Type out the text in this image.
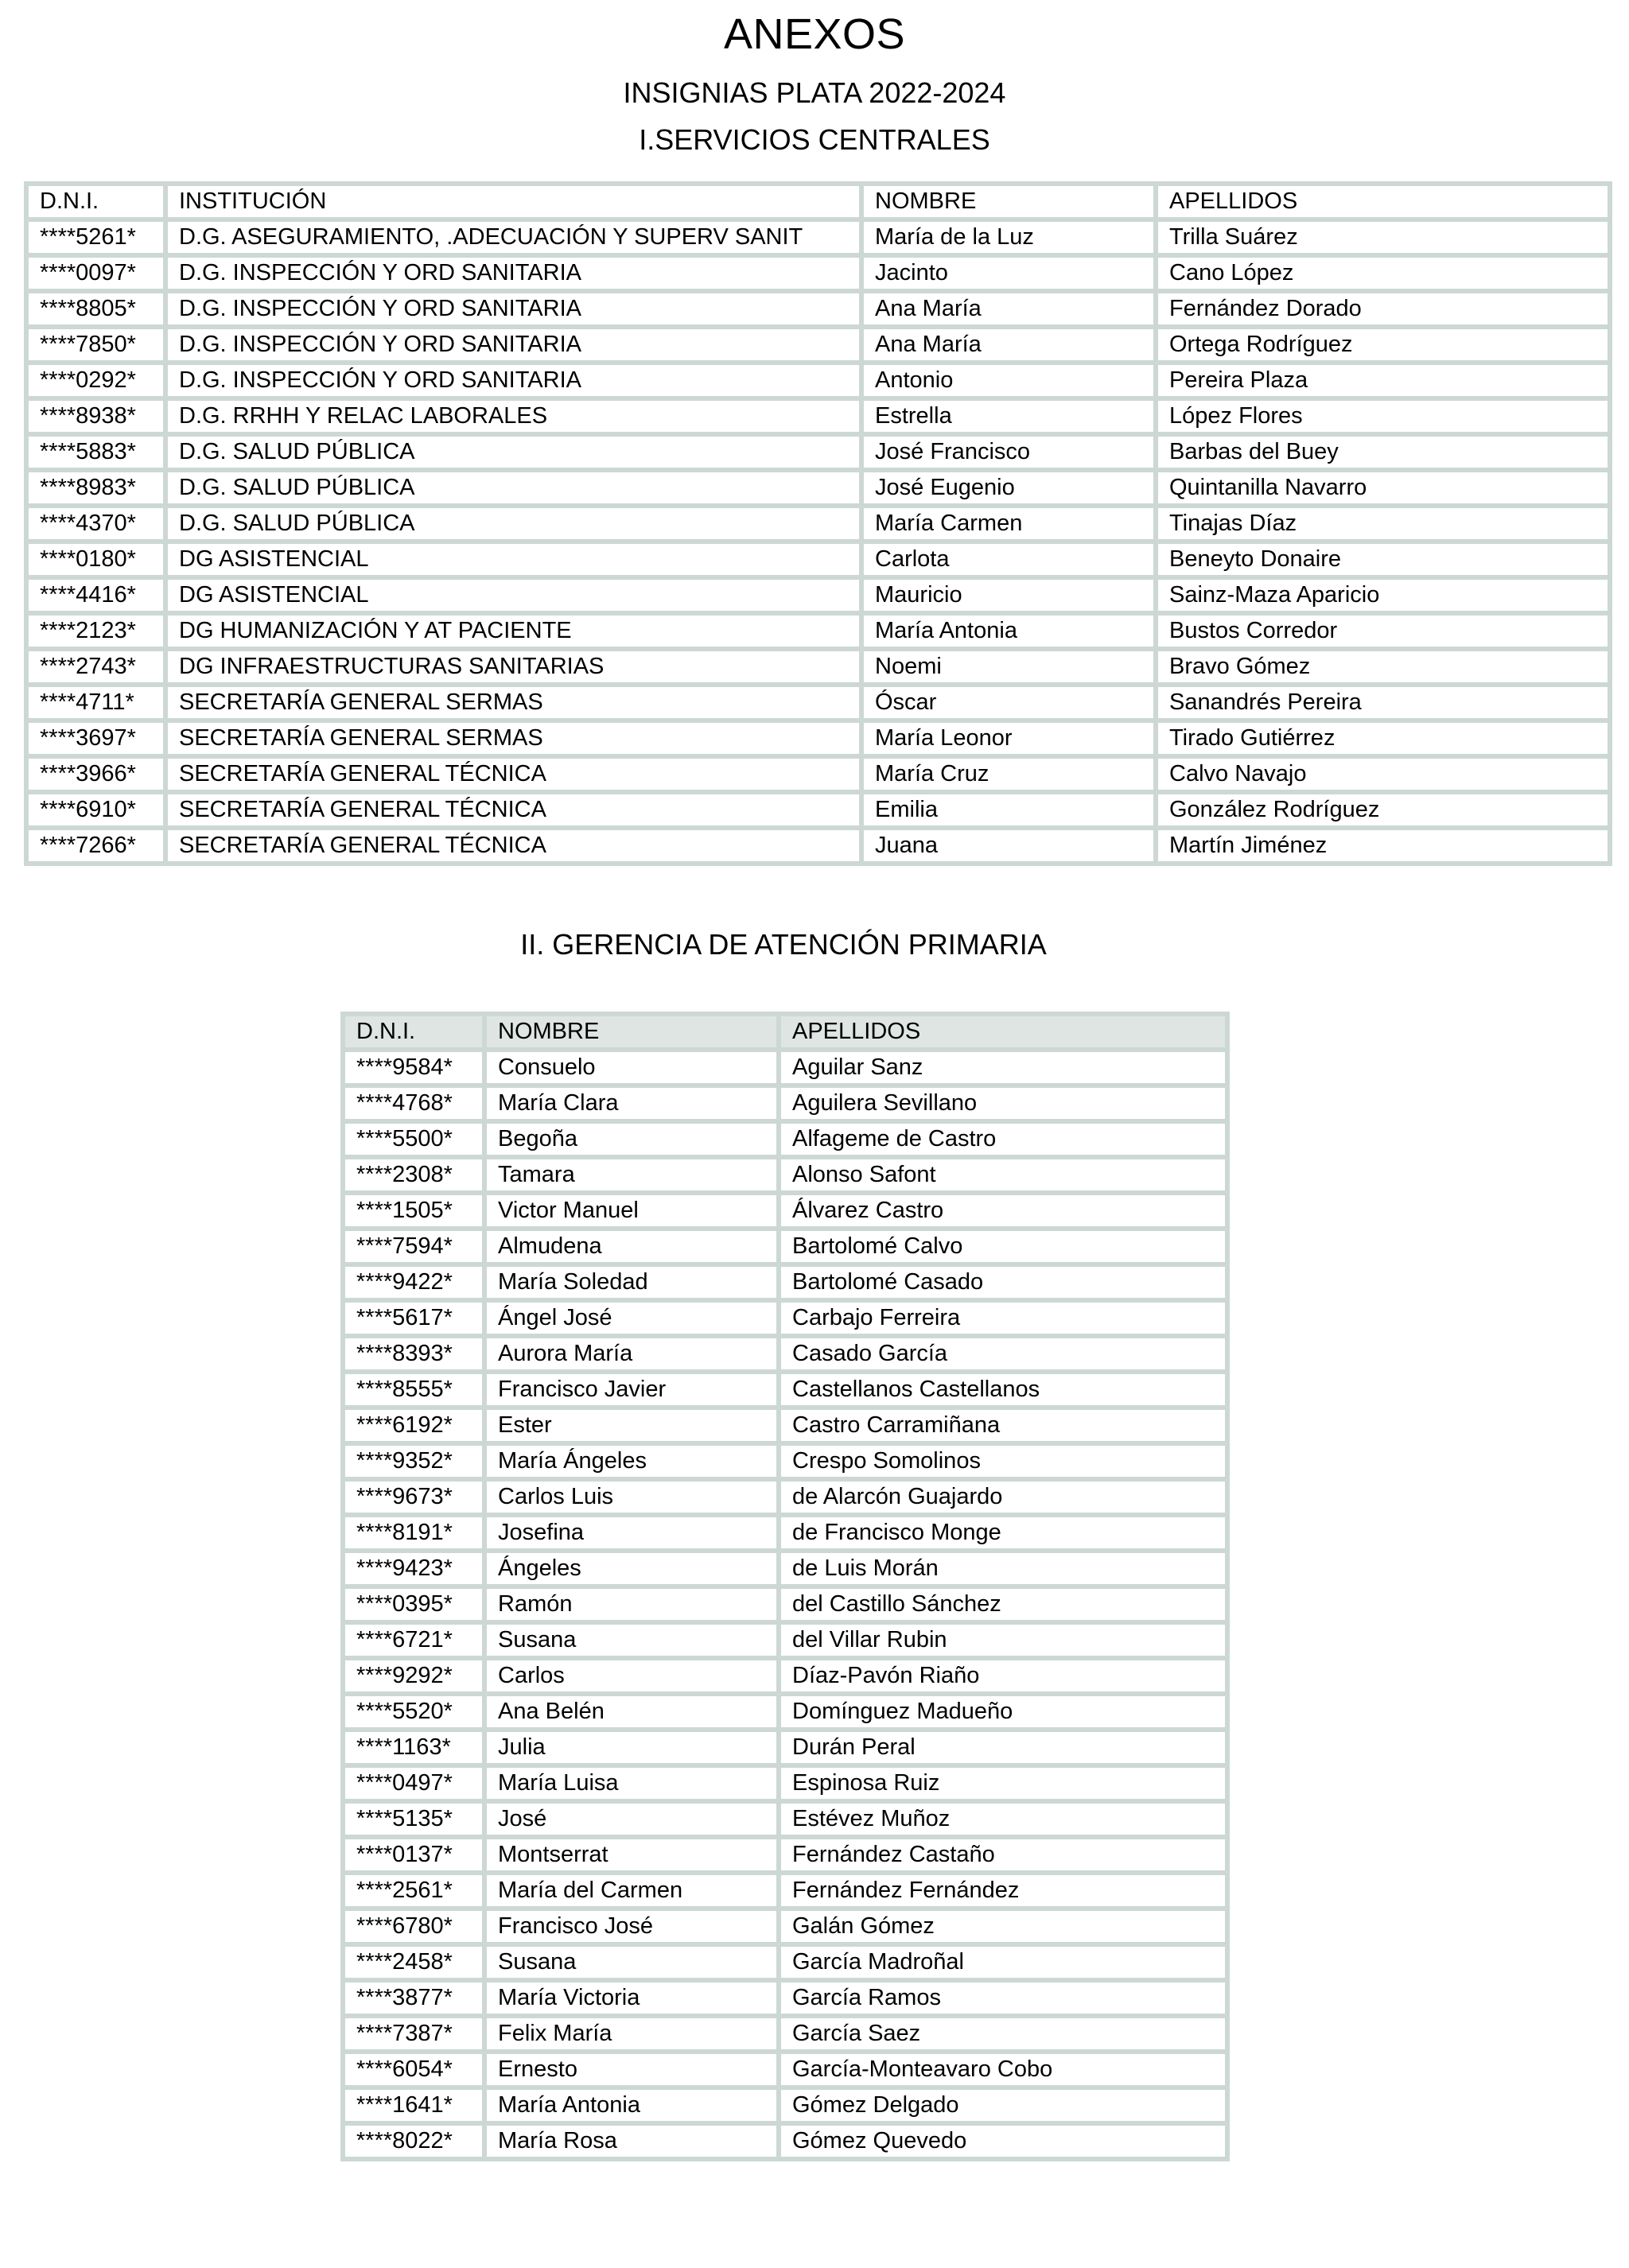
ANEXOS
INSIGNIAS PLATA 2022-2024
I.SERVICIOS CENTRALES
D.N.I.	INSTITUCIÓN	NOMBRE	APELLIDOS
****5261*	D.G. ASEGURAMIENTO, .ADECUACIÓN Y SUPERV SANIT	María de la Luz	Trilla Suárez
****0097*	D.G. INSPECCIÓN Y ORD SANITARIA	Jacinto	Cano López
****8805*	D.G. INSPECCIÓN Y ORD SANITARIA	Ana María	Fernández Dorado
****7850*	D.G. INSPECCIÓN Y ORD SANITARIA	Ana María	Ortega Rodríguez
****0292*	D.G. INSPECCIÓN Y ORD SANITARIA	Antonio	Pereira Plaza
****8938*	D.G. RRHH Y RELAC LABORALES	Estrella	López Flores
****5883*	D.G. SALUD PÚBLICA	José Francisco	Barbas del Buey
****8983*	D.G. SALUD PÚBLICA	José Eugenio	Quintanilla Navarro
****4370*	D.G. SALUD PÚBLICA	María Carmen	Tinajas Díaz
****0180*	DG ASISTENCIAL	Carlota	Beneyto Donaire
****4416*	DG ASISTENCIAL	Mauricio	Sainz-Maza Aparicio
****2123*	DG HUMANIZACIÓN Y AT PACIENTE	María Antonia	Bustos Corredor
****2743*	DG INFRAESTRUCTURAS SANITARIAS	Noemi	Bravo Gómez
****4711*	SECRETARÍA GENERAL SERMAS	Óscar	Sanandrés Pereira
****3697*	SECRETARÍA GENERAL SERMAS	María Leonor	Tirado Gutiérrez
****3966*	SECRETARÍA GENERAL TÉCNICA	María Cruz	Calvo Navajo
****6910*	SECRETARÍA GENERAL TÉCNICA	Emilia	González Rodríguez
****7266*	SECRETARÍA GENERAL TÉCNICA	Juana	Martín Jiménez
II. GERENCIA DE ATENCIÓN PRIMARIA
D.N.I.	NOMBRE	APELLIDOS
****9584*	Consuelo	Aguilar Sanz
****4768*	María Clara	Aguilera Sevillano
****5500*	Begoña	Alfageme de Castro
****2308*	Tamara	Alonso Safont
****1505*	Victor Manuel	Álvarez Castro
****7594*	Almudena	Bartolomé Calvo
****9422*	María Soledad	Bartolomé Casado
****5617*	Ángel José	Carbajo Ferreira
****8393*	Aurora María	Casado García
****8555*	Francisco Javier	Castellanos Castellanos
****6192*	Ester	Castro Carramiñana
****9352*	María Ángeles	Crespo Somolinos
****9673*	Carlos Luis	de Alarcón Guajardo
****8191*	Josefina	de Francisco Monge
****9423*	Ángeles	de Luis Morán
****0395*	Ramón	del Castillo Sánchez
****6721*	Susana	del Villar Rubin
****9292*	Carlos	Díaz-Pavón Riaño
****5520*	Ana Belén	Domínguez Madueño
****1163*	Julia	Durán Peral
****0497*	María Luisa	Espinosa Ruiz
****5135*	José	Estévez Muñoz
****0137*	Montserrat	Fernández Castaño
****2561*	María del Carmen	Fernández Fernández
****6780*	Francisco José	Galán Gómez
****2458*	Susana	García Madroñal
****3877*	María Victoria	García Ramos
****7387*	Felix María	García Saez
****6054*	Ernesto	García-Monteavaro Cobo
****1641*	María Antonia	Gómez Delgado
****8022*	María Rosa	Gómez Quevedo
